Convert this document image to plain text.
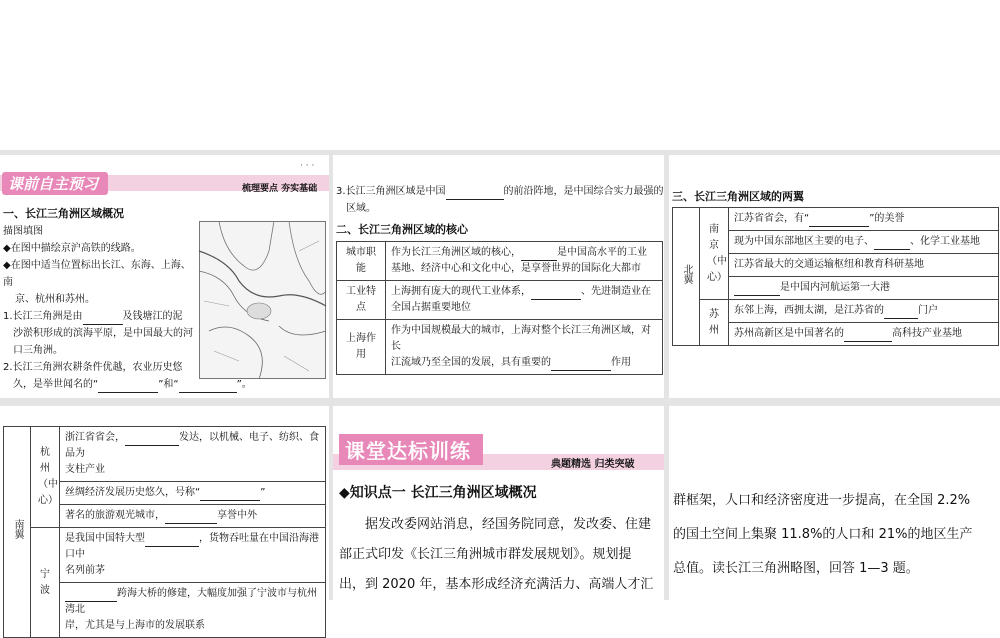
课前自主预习
· · ·
梳理要点 夯实基础
一、长江三角洲区域概况
描图填图
◆在图中描绘京沪高铁的线路。
◆在图中适当位置标出长江、东海、上海、南
京、杭州和苏州。
1.长江三角洲是由	及钱塘江的泥
沙淤积形成的滨海平原，是中国最大的河
口三角洲。
2.长江三角洲农耕条件优越，农业历史悠
久，是举世闻名的“	”和“	”。
3.长江三角洲区域是中国	的前沿阵地，是中国综合实力最强的
区域。
二、长江三角洲区域的核心
城市职能	作为长江三角洲区域的核心， 是中国高水平的工业
基地、经济中心和文化中心，是享誉世界的国际化大都市

工业特点	上海拥有庞大的现代工业体系， 、先进制造业在
全国占据重要地位

上海作用	作为中国规模最大的城市，上海对整个长江三角洲区域，对长
江流域乃至全国的发展，具有重要的 作用
三、长江三角洲区域的两翼
北翼	南京（中心）	江苏省省会，有“ ”的美誉
		现为中国东部地区主要的电子、 、化学工业基地
		江苏省最大的交通运输枢纽和教育科研基地
		是中国内河航运第一大港
	苏州	东邻上海，西拥太湖，是江苏省的 门户
		苏州高新区是中国著名的 高科技产业基地
南翼	杭州（中心）	浙江省省会， 发达，以机械、电子、纺织、食品为
支柱产业

		丝绸经济发展历史悠久，号称“ ”
		著名的旅游观光城市， 享誉中外
	宁波	是我国中国特大型 ，货物吞吐量在中国沿海港口中
名列前茅

		跨海大桥的修建，大幅度加强了宁波市与杭州湾北
岸，尤其是与上海市的发展联系
课堂达标训练
典题精选 归类突破
◆知识点一 长江三角洲区域概况
据发改委网站消息，经国务院同意，发改委、住建
部正式印发《长江三角洲城市群发展规划》。规划提
出，到 2020 年，基本形成经济充满活力、高端人才汇
群框架，人口和经济密度进一步提高，在全国 2.2%
的国土空间上集聚 11.8%的人口和 21%的地区生产
总值。读长江三角洲略图，回答 1—3 题。
